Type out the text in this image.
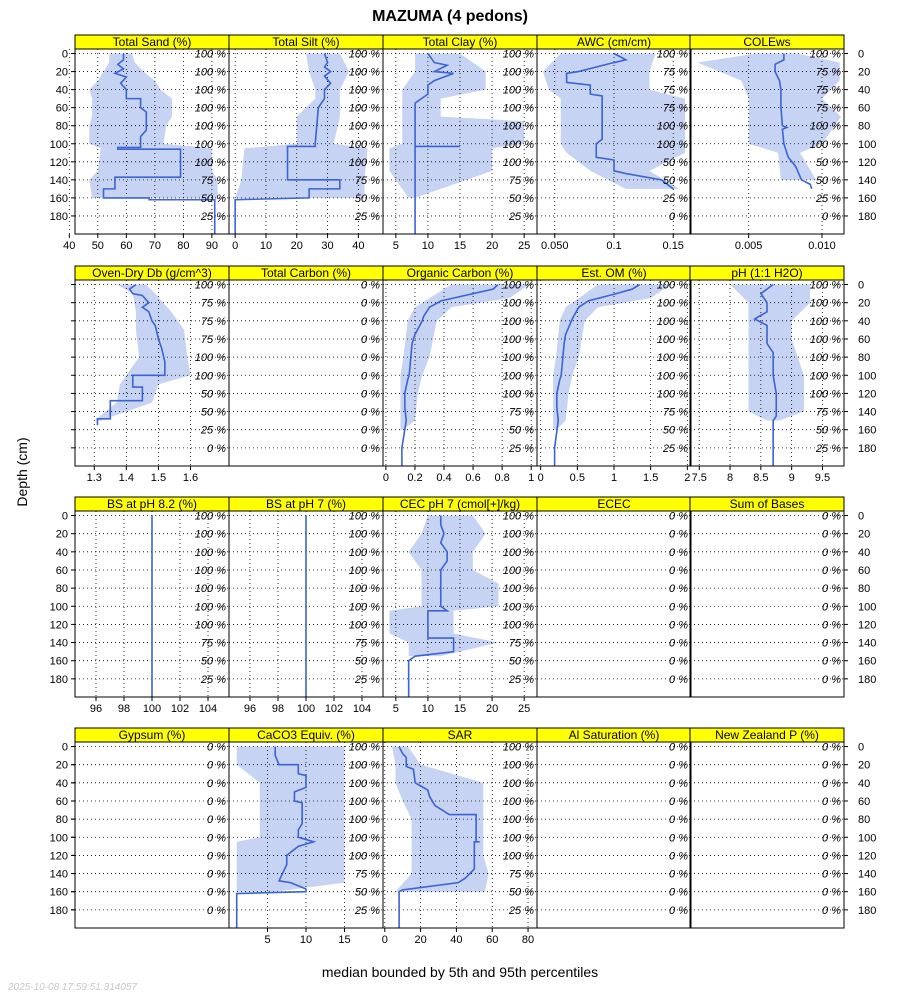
MAZUMA (4 pedons)
Depth (cm)
median bounded by 5th and 95th percentiles
2025-10-08 17:59:51.314057
Total Sand (%)
100 %
100 %
100 %
100 %
100 %
100 %
100 %
75 %
50 %
25 %
40 50 60 70 80 90
0
20
40
60
80
100
120
140
160
180
Total Silt (%)
100 %
100 %
100 %
100 %
100 %
100 %
100 %
75 %
50 %
25 %
0 10 20 30 40
Total Clay (%)
100 %
100 %
100 %
100 %
100 %
100 %
100 %
75 %
50 %
25 %
5 10 15 20 25
AWC (cm/cm)
100 %
75 %
75 %
75 %
100 %
100 %
50 %
50 %
25 %
0 %
0.050	0.1	0.15
COLEws
100 %
75 %
75 %
75 %
100 %
100 %
50 %
50 %
25 %
0 %
0.005	0.010
0
20
40
60
80
100
120
140
160
180
Oven-Dry Db (g/cm^3)
100 %
75 %
75 %
75 %
100 %
100 %
50 %
50 %
25 %
0 %
1.3 1.4 1.5 1.6
Total Carbon (%)
0 %
0 %
0 %
0 %
0 %
0 %
0 %
0 %
0 %
0 %
Organic Carbon (%)
100 %
100 %
100 %
100 %
100 %
100 %
100 %
75 %
50 %
25 %
0 0.2 0.4 0.6 0.8 1
Est. OM (%)
100 %
100 %
100 %
100 %
100 %
100 %
100 %
75 %
50 %
25 %
0 0.5 1 1.5 2
pH (1:1 H2O)
100 %
100 %
100 %
100 %
100 %
100 %
100 %
75 %
50 %
25 %
7.5 8 8.5 9 9.5
0
20
40
60
80
100
120
140
160
180
BS at pH 8.2 (%)
100 %
100 %
100 %
100 %
100 %
100 %
100 %
75 %
50 %
25 %
96 98 100 102 104
0
20
40
60
80
100
120
140
160
180
BS at pH 7 (%)
100 %
100 %
100 %
100 %
100 %
100 %
100 %
75 %
50 %
25 %
96 98 100 102 104
CEC pH 7 (cmol[+]/kg)
100 %
100 %
100 %
100 %
100 %
100 %
100 %
75 %
50 %
25 %
5 10 15 20 25
ECEC
0 %
0 %
0 %
0 %
0 %
0 %
0 %
0 %
0 %
0 %
Sum of Bases
0 %
0 %
0 %
0 %
0 %
0 %
0 %
0 %
0 %
0 %
0
20
40
60
80
100
120
140
160
180
Gypsum (%)
0 %
0 %
0 %
0 %
0 %
0 %
0 %
0 %
0 %
0 %
0
20
40
60
80
100
120
140
160
180
CaCO3 Equiv. (%)
100 %
100 %
100 %
100 %
100 %
100 %
100 %
75 %
50 %
25 %
5	10 15
SAR
100 %
100 %
100 %
100 %
100 %
100 %
100 %
75 %
50 %
25 %
0 20 40 60 80
Al Saturation (%)
0 %
0 %
0 %
0 %
0 %
0 %
0 %
0 %
0 %
0 %
New Zealand P (%)
0 %
0 %
0 %
0 %
0 %
0 %
0 %
0 %
0 %
0 %
0
20
40
60
80
100
120
140
160
180
